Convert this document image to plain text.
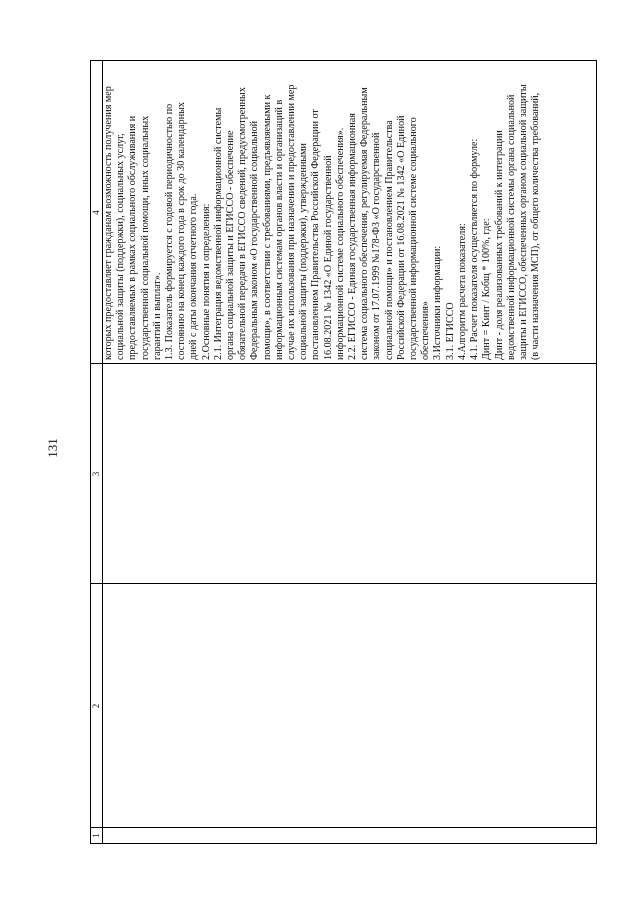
131
1
2
3
4 которых предоставляет гражданам возможность получения мер социальной защиты (поддержки), социальных услуг, предоставляемых в рамках социального обслуживания и государственной социальной помощи, иных социальных гарантий и выплат». 1.3. Показатель формируется с годовой периодичностью по состоянию на конец каждого года в срок до 30 календарных дней с даты окончания отчетного года. 2.Основные понятия и определения: 2.1. Интеграция ведомственной информационной системы органа социальной защиты и ЕГИССО - обеспечение обязательной передачи в ЕГИССО сведений, предусмотренных Федеральным законом «О государственной социальной помощи», в соответствии с требованиями, предъявляемыми к информационным системам органов власти и организаций в случае их использования при назначении и предоставлении мер социальной защиты (поддержки), утвержденными постановлением Правительства Российской Федерации от 16.08.2021 № 1342 «О Единой государственной информационной системе социального обеспечения». 2.2. ЕГИССО - Единая государственная информационная система социального обеспечения, регулируемая Федеральным законом от 17.07.1999 №178-ФЗ «О государственной социальной помощи» и постановлением Правительства Российской Федерации от 16.08.2021 № 1342 «О Единой государственной информационной системе социального обеспечения» 3.Источники информации: 3.1. ЕГИССО 4.Алгоритм расчета показателя: 4.1. Расчет показателя осуществляется по формуле: Динт = Кинт / Кобщ * 100%, где: Динт - доля реализованных требований к интеграции ведомственной информационной системы органа социальной защиты и ЕГИССО, обеспеченных органом социальной защиты (в части назначения МСП), от общего количества требований,
